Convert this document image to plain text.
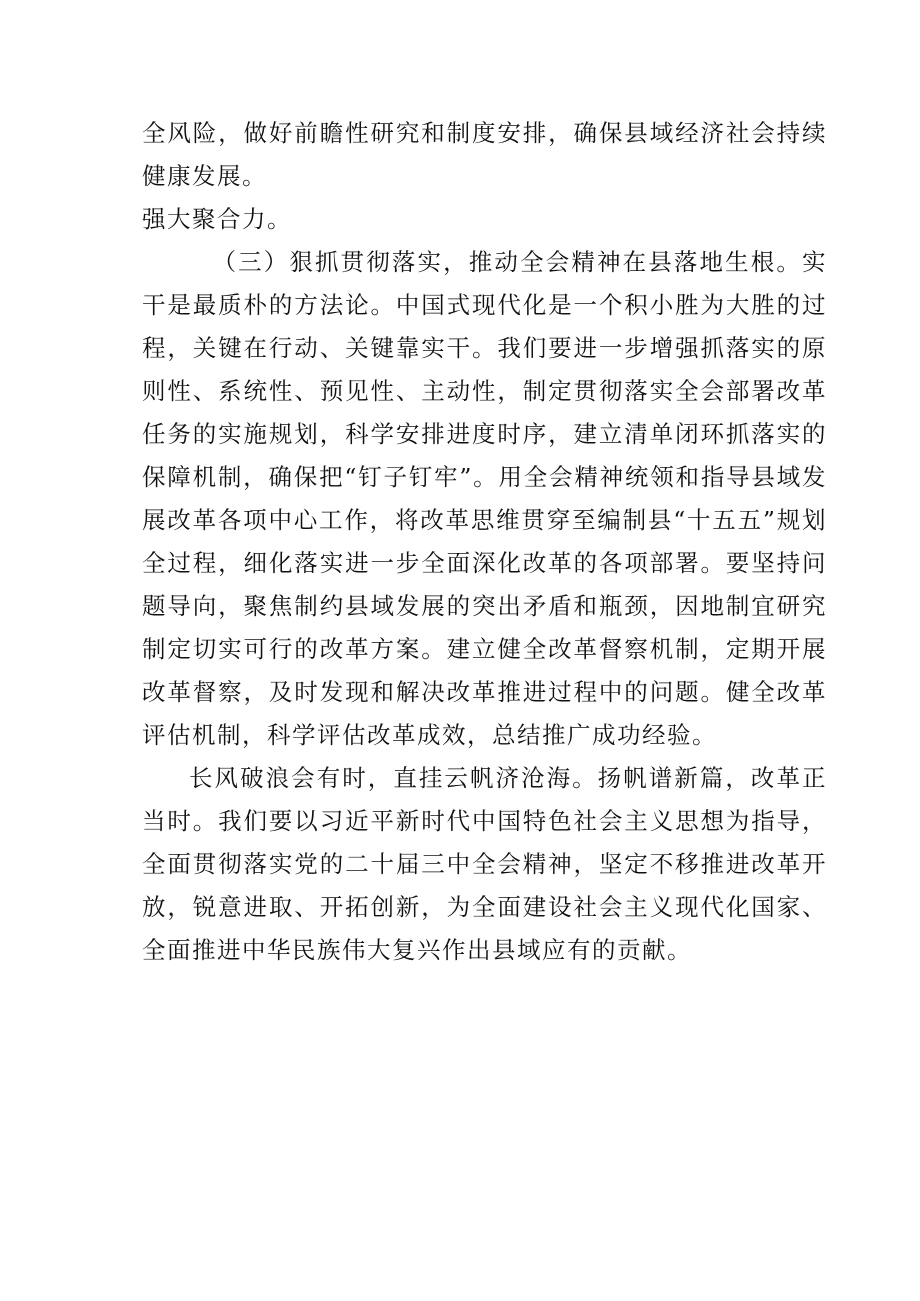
全风险，做好前瞻性研究和制度安排，确保县域经济社会持续健康发展。

强大聚合力。

（三）狠抓贯彻落实，推动全会精神在县落地生根。实干是最质朴的方法论。中国式现代化是一个积小胜为大胜的过程，关键在行动、关键靠实干。我们要进一步增强抓落实的原则性、系统性、预见性、主动性，制定贯彻落实全会部署改革任务的实施规划，科学安排进度时序，建立清单闭环抓落实的保障机制，确保把“钉子钉牢”。用全会精神统领和指导县域发展改革各项中心工作，将改革思维贯穿至编制县“十五五”规划全过程，细化落实进一步全面深化改革的各项部署。要坚持问题导向，聚焦制约县域发展的突出矛盾和瓶颈，因地制宜研究制定切实可行的改革方案。建立健全改革督察机制，定期开展改革督察，及时发现和解决改革推进过程中的问题。健全改革评估机制，科学评估改革成效，总结推广成功经验。

长风破浪会有时，直挂云帆济沧海。扬帆谱新篇，改革正当时。我们要以习近平新时代中国特色社会主义思想为指导，全面贯彻落实党的二十届三中全会精神，坚定不移推进改革开放，锐意进取、开拓创新，为全面建设社会主义现代化国家、全面推进中华民族伟大复兴作出县域应有的贡献。
